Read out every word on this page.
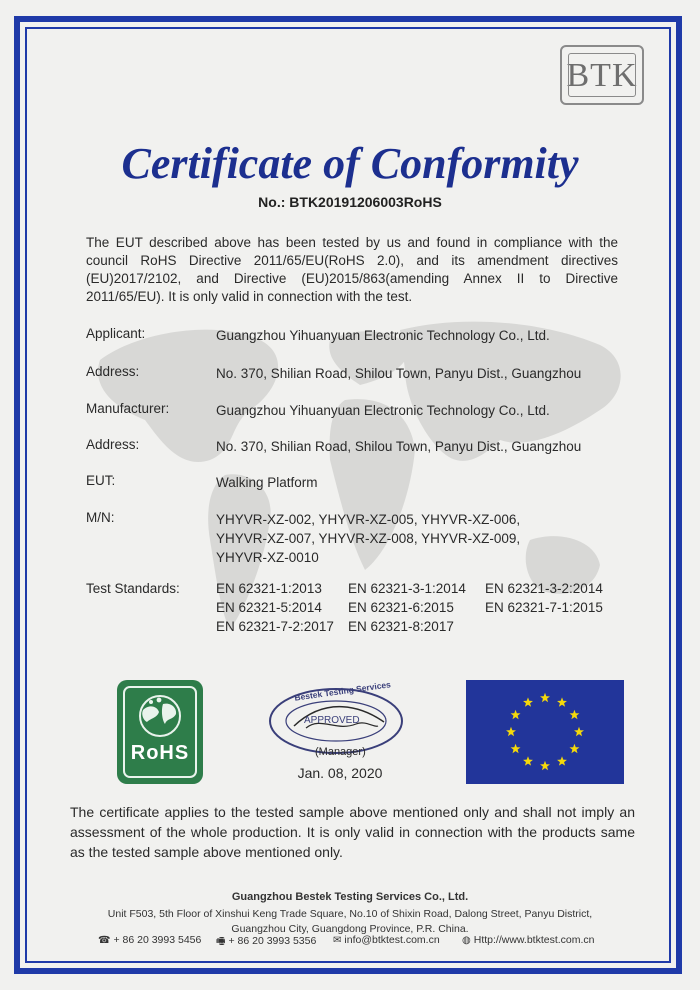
BTK
Certificate of Conformity
No.: BTK20191206003RoHS
The EUT described above has been tested by us and found in compliance with the council RoHS Directive 2011/65/EU(RoHS 2.0), and its amendment directives (EU)2017/2102, and Directive (EU)2015/863(amending Annex II to Directive 2011/65/EU). It is only valid in connection with the test.
Applicant:	Guangzhou Yihuanyuan Electronic Technology Co., Ltd.
Address:	No. 370, Shilian Road, Shilou Town, Panyu Dist., Guangzhou
Manufacturer:	Guangzhou Yihuanyuan Electronic Technology Co., Ltd.
Address:	No. 370, Shilian Road, Shilou Town, Panyu Dist., Guangzhou
EUT:	Walking Platform
M/N:	YHYVR-XZ-002, YHYVR-XZ-005, YHYVR-XZ-006,
YHYVR-XZ-007, YHYVR-XZ-008, YHYVR-XZ-009,
YHYVR-XZ-0010
Test Standards:	EN 62321-1:2013 EN 62321-3-1:2014 EN 62321-3-2:2014
EN 62321-5:2014 EN 62321-6:2015 EN 62321-7-1:2015
EN 62321-7-2:2017 EN 62321-8:2017
RoHS
Bestek Testing Services
APPROVED
(Manager)
Jan. 08, 2020
The certificate applies to the tested sample above mentioned only and shall not imply an assessment of the whole production. It is only valid in connection with the products same as the tested sample above mentioned only.
Guangzhou Bestek Testing Services Co., Ltd.
Unit F503, 5th Floor of Xinshui Keng Trade Square, No.10 of Shixin Road, Dalong Street, Panyu District,
Guangzhou City, Guangdong Province, P.R. China.
☎ + 86 20 3993 5456 🖷 + 86 20 3993 5356 ✉ info@btktest.com.cn ◍ Http://www.btktest.com.cn
